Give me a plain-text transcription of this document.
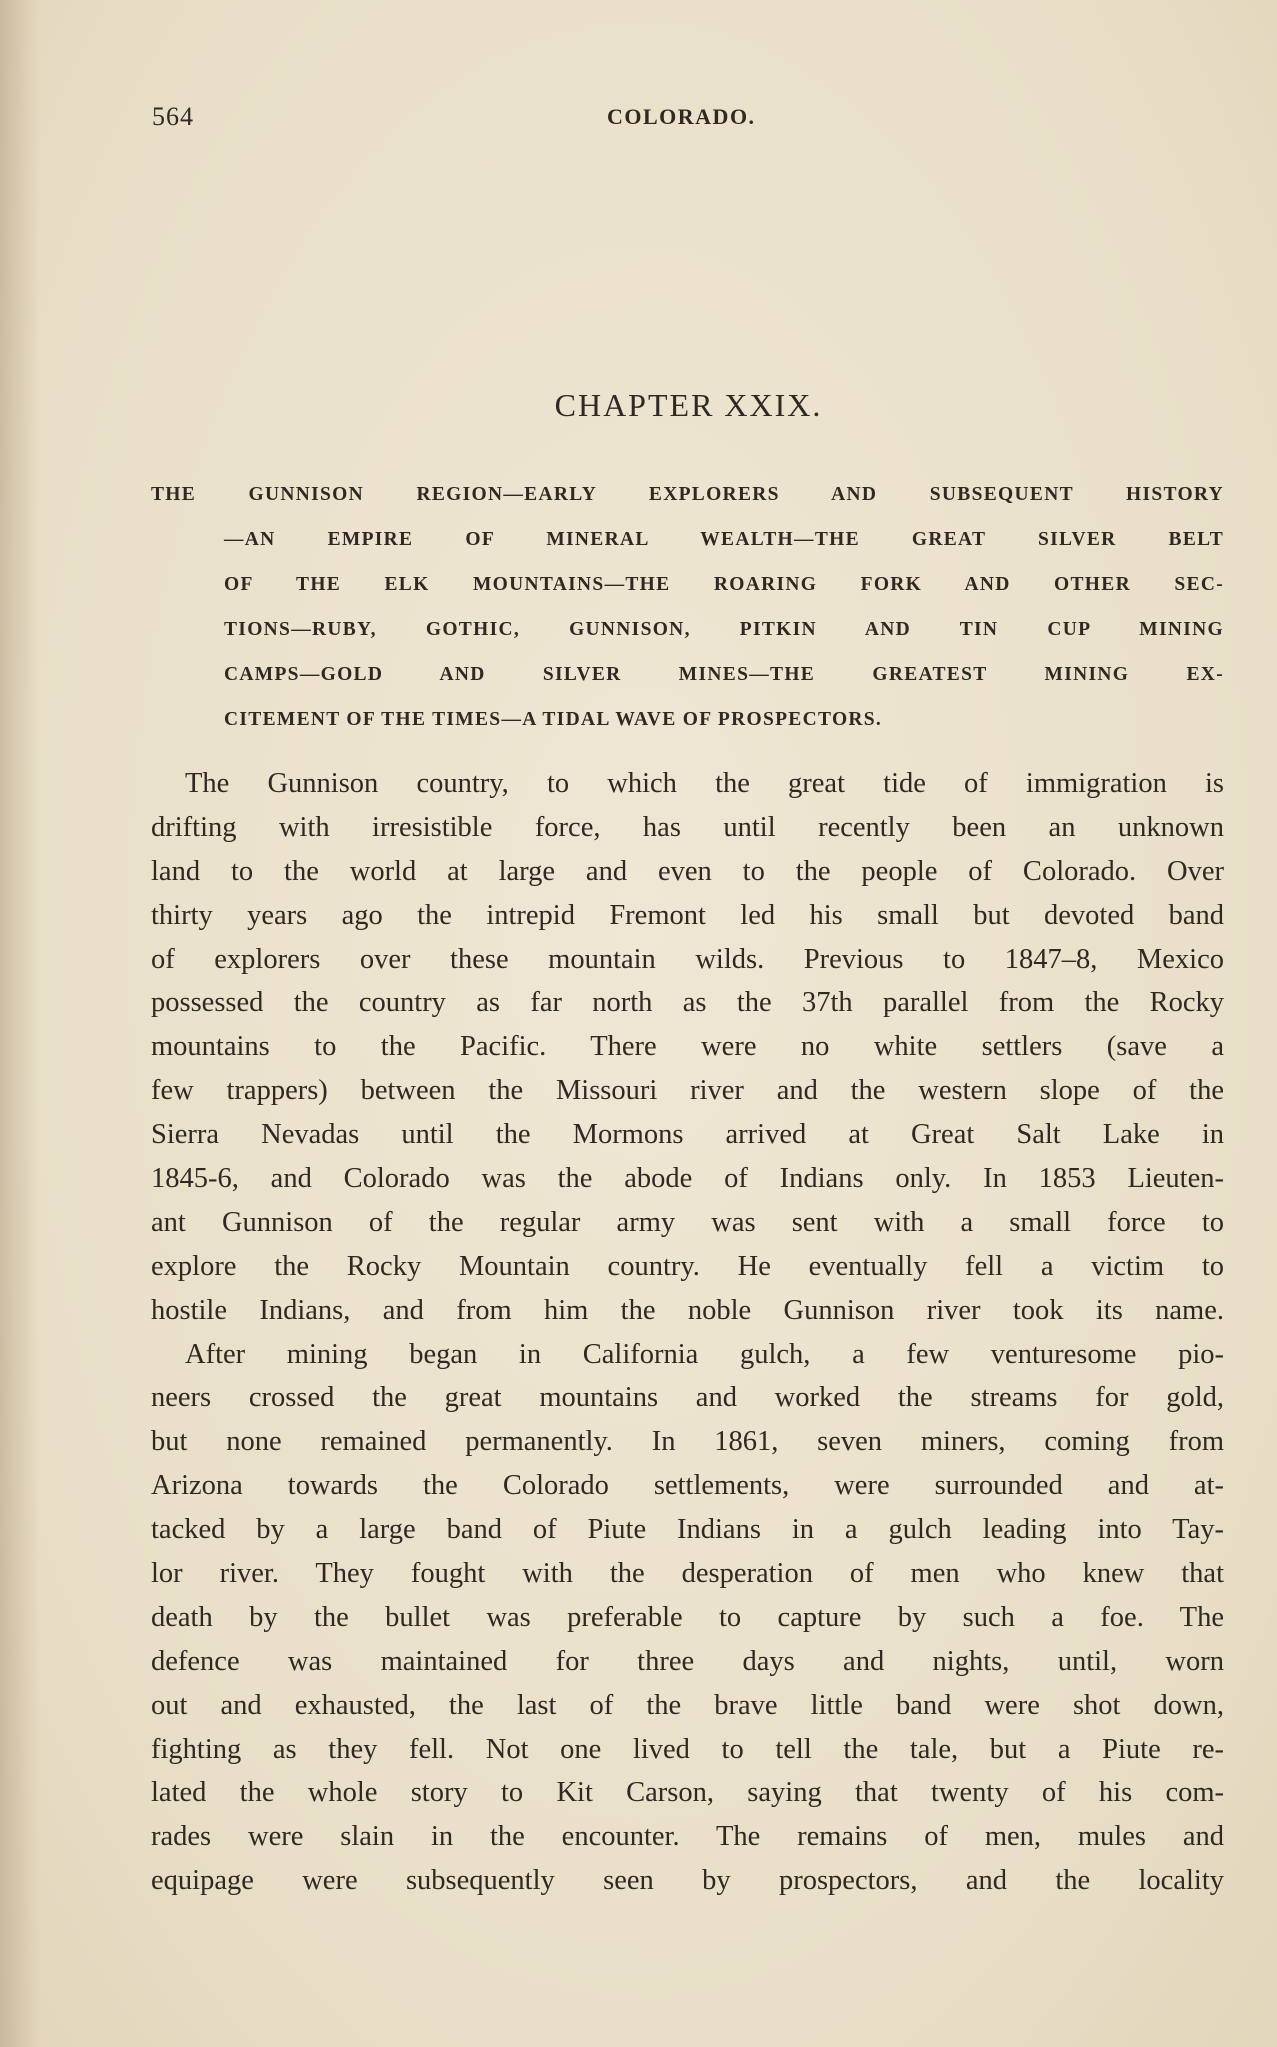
564	COLORADO.
CHAPTER XXIX.
THE GUNNISON REGION—EARLY EXPLORERS AND SUBSEQUENT HISTORY
—AN EMPIRE OF MINERAL WEALTH—THE GREAT SILVER BELT
OF THE ELK MOUNTAINS—THE ROARING FORK AND OTHER SEC-
TIONS—RUBY, GOTHIC, GUNNISON, PITKIN AND TIN CUP MINING
CAMPS—GOLD AND SILVER MINES—THE GREATEST MINING EX-
CITEMENT OF THE TIMES—A TIDAL WAVE OF PROSPECTORS.
The Gunnison country, to which the great tide of immigration is
drifting with irresistible force, has until recently been an unknown
land to the world at large and even to the people of Colorado. Over
thirty years ago the intrepid Fremont led his small but devoted band
of explorers over these mountain wilds. Previous to 1847–8, Mexico
possessed the country as far north as the 37th parallel from the Rocky
mountains to the Pacific. There were no white settlers (save a
few trappers) between the Missouri river and the western slope of the
Sierra Nevadas until the Mormons arrived at Great Salt Lake in
1845-6, and Colorado was the abode of Indians only. In 1853 Lieuten-
ant Gunnison of the regular army was sent with a small force to
explore the Rocky Mountain country. He eventually fell a victim to
hostile Indians, and from him the noble Gunnison river took its name.
After mining began in California gulch, a few venturesome pio-
neers crossed the great mountains and worked the streams for gold,
but none remained permanently. In 1861, seven miners, coming from
Arizona towards the Colorado settlements, were surrounded and at-
tacked by a large band of Piute Indians in a gulch leading into Tay-
lor river. They fought with the desperation of men who knew that
death by the bullet was preferable to capture by such a foe. The
defence was maintained for three days and nights, until, worn
out and exhausted, the last of the brave little band were shot down,
fighting as they fell. Not one lived to tell the tale, but a Piute re-
lated the whole story to Kit Carson, saying that twenty of his com-
rades were slain in the encounter. The remains of men, mules and
equipage were subsequently seen by prospectors, and the locality
